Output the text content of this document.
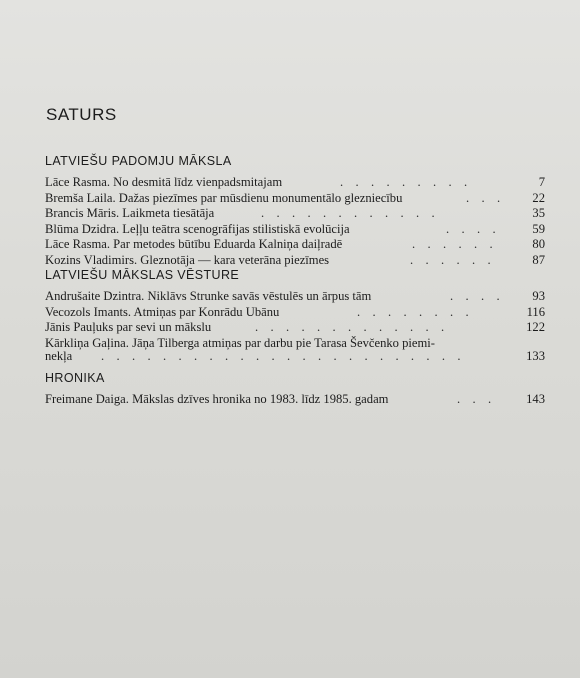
SATURS
LATVIEŠU PADOMJU MĀKSLA
Lāce Rasma. No desmitā līdz vienpadsmitajam	. . . . . . . . .	7
Bremša Laila. Dažas piezīmes par mūsdienu monumentālo glezniecību	. . .	22
Brancis Māris. Laikmeta tiesātāja	. . . . . . . . . . . .	35
Blūma Dzidra. Leļļu teātra scenogrāfijas stilistiskā evolūcija	. . . .	59
Lāce Rasma. Par metodes būtību Eduarda Kalniņa daiļradē	. . . . . .	80
Kozins Vladimirs. Gleznotāja — kara veterāna piezīmes	. . . . . .	87
LATVIEŠU MĀKSLAS VĒSTURE
Andrušaite Dzintra. Niklāvs Strunke savās vēstulēs un ārpus tām	. . . .	93
Vecozols Imants. Atmiņas par Konrādu Ubānu	. . . . . . . .	116
Jānis Pauļuks par sevi un mākslu	. . . . . . . . . . . . .	122
Kārkliņa Gaļina. Jāņa Tilberga atmiņas par darbu pie Tarasa Ševčenko piemi-
nekļa . . . . . . . . . . . . . . . . . . . . . . . .	133
HRONIKA
Freimane Daiga. Mākslas dzīves hronika no 1983. līdz 1985. gadam	. . .	143
